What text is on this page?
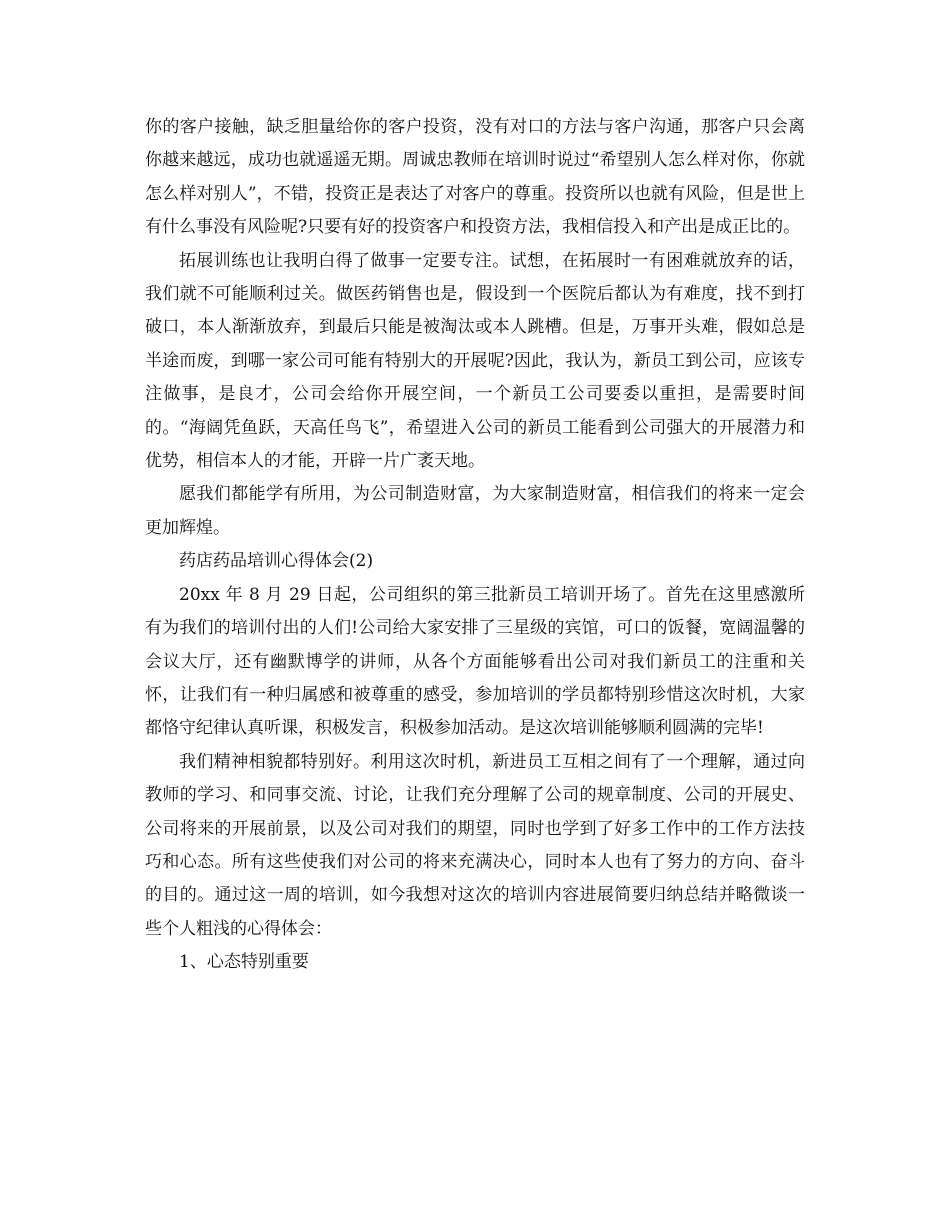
你的客户接触，缺乏胆量给你的客户投资，没有对口的方法与客户沟通，那客户只会离你越来越远，成功也就遥遥无期。周诚忠教师在培训时说过“希望别人怎么样对你，你就怎么样对别人”，不错，投资正是表达了对客户的尊重。投资所以也就有风险，但是世上有什么事没有风险呢?只要有好的投资客户和投资方法，我相信投入和产出是成正比的。

拓展训练也让我明白得了做事一定要专注。试想，在拓展时一有困难就放弃的话，我们就不可能顺利过关。做医药销售也是，假设到一个医院后都认为有难度，找不到打破口，本人渐渐放弃，到最后只能是被淘汰或本人跳槽。但是，万事开头难，假如总是半途而废，到哪一家公司可能有特别大的开展呢?因此，我认为，新员工到公司，应该专注做事，是良才，公司会给你开展空间，一个新员工公司要委以重担，是需要时间的。“海阔凭鱼跃，天高任鸟飞”，希望进入公司的新员工能看到公司强大的开展潜力和优势，相信本人的才能，开辟一片广袤天地。

愿我们都能学有所用，为公司制造财富，为大家制造财富，相信我们的将来一定会更加辉煌。

药店药品培训心得体会(2)

20xx 年 8 月 29 日起，公司组织的第三批新员工培训开场了。首先在这里感激所有为我们的培训付出的人们!公司给大家安排了三星级的宾馆，可口的饭餐，宽阔温馨的会议大厅，还有幽默博学的讲师，从各个方面能够看出公司对我们新员工的注重和关怀，让我们有一种归属感和被尊重的感受，参加培训的学员都特别珍惜这次时机，大家都恪守纪律认真听课，积极发言，积极参加活动。是这次培训能够顺利圆满的完毕!

我们精神相貌都特别好。利用这次时机，新进员工互相之间有了一个理解，通过向教师的学习、和同事交流、讨论，让我们充分理解了公司的规章制度、公司的开展史、公司将来的开展前景，以及公司对我们的期望，同时也学到了好多工作中的工作方法技巧和心态。所有这些使我们对公司的将来充满决心，同时本人也有了努力的方向、奋斗的目的。通过这一周的培训，如今我想对这次的培训内容进展简要归纳总结并略微谈一些个人粗浅的心得体会：

1、心态特别重要
